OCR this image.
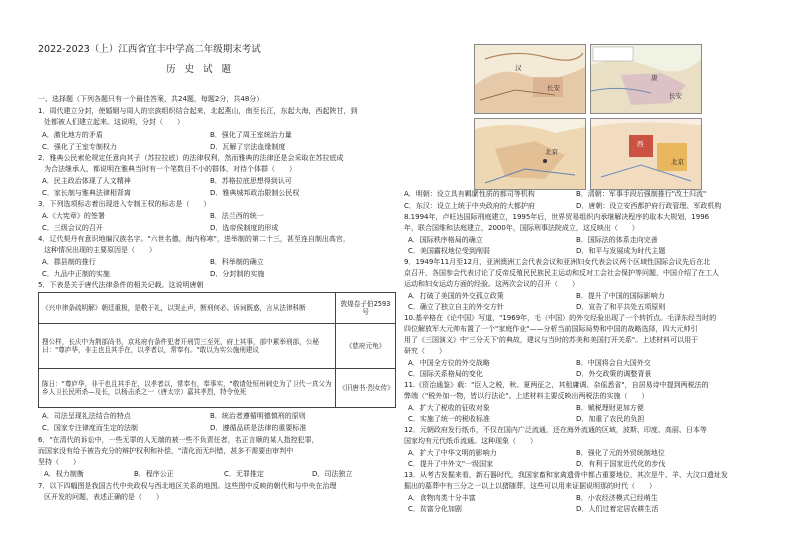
2022-2023（上）江西省宜丰中学高二年级期末考试
历 史 试 题
一、选择题（下列各题只有一个最佳答案，共24题，每题2分，共48分）
1．周代建立分封，使婚姻与周人的宗族组织结合起来，北起燕山，南至长江，东起大海，西起陕甘，到
处都被人们建立起来。这说明，分封（　　）
A．激化地方的矛盾	B．强化了周王室统治力量
C．强化了王室专制权力	D．瓦解了宗法血缘制度
2．雅典公民索伦规定任意向其子（苏拉拉底）的法律权利，然而雅典的法律还是会采取在苏拉底成
为合法继承人，都说明在雅典当时有一个笔数目不小的群体，对待个体群（　　）
A．民主政治体现了人文精神	B．苏格拉底思想得到认可
C．家长制与雅典法律相背离	D．雅典城邦政治限制公民权
3．下列选项标志着出现进入专制王权的标志是（　　）
A.《大宪章》的签署	B．法兰西的统一
C．三级会议的召开	D．选帝侯制度的形成
4．辽代契丹有意识地编汉族名字。"六世名德，海内称寒"，进举制的第二十三，甚至连自制出高官，
这种情况出现的主要原因是（　　）
A．郡县制的推行	B．科举制的确立
C．九品中正制的实施	D．分封制的实施
5．下表是关于唐代法律条件的相关记载。这说明唐朝
《兴申律条疏明解》朝廷重极，是敬于礼，以哭止声，断刑何必。诉词既惑，言从法律科断	敦煌卷子伯2593号
搜公样，长庆中为荆部尚书，京兆府有条件犯者开刑罚三至死，府上其事，部中累举刑部，公秘曰："尊庐华，非主也且其手在，以孝者以，常奉有。"敢以为实公施刑建议	《慈府元龟》
陈日："尊庐华，非干也且其手在，以孝者以，常奉有，奉事实，"敬请处恒州刺史为了卫代一真父为乡人卫长民所杀—及长，以杨击杀之一（唐太宗）嘉其孝烈，特令免死	《旧唐书·烈女传》
A．司法呈现礼法结合的特点	B．统治者遵循明德慎刑的原则
C．国家专注律度而生定的法制	D．遵循品质是法律的重要标准
6．"在清代的诉讼中，一些无罪的人无端的被一些不负责任者，名正言顺的某人指控犯罪，
而国家没有给予被告充分的辩护权利和补偿，"清化而无纠错，甚多不需要由审判中
坚持（　　）
A．权力制衡	B．程序公正	C．无罪推定	D．司法独立
7．以下四幅图是我国古代中央政权与西北地区关系的地图。这些图中反映的朝代和与中央在治理
区开发的问题，表述正确的是（　　）
汉
长安
唐
长安
北京
西
北京
A．明朝：设立具有羁縻性质的都司等机构	B．清朝：军事手段后强制推行"改土归流"
C．东汉：设立上统于中央政府的大都护府	D．唐朝：设立安西都护府行政管理、军政机构
8.1994年，卢旺达国际刑庭建立，1995年后，世界贸易组织内承继解决程序的取本大规划，1996
年，联合国维和法庭建立，2000年，国际刑事法院成立，这反映出（　　）
A．国际秩序格局的确立	B．国际法的体系走向完善
C．美国霸权地位受到削弱	D．和平与发展成为时代主题
9．1949年11月至12月，亚洲澳洲工会代表会议和亚洲妇女代表会议两个区域性国际会议先后在北
京召开，各国参会代表讨论了反帝反殖民民族民主运动和反对工会社会保护等问题，中国介绍了在工人
运动和妇女运动方面的经验。这两次会议的召开（　　）
A．打破了美国的外交孤立政策	B．提升了中国的国际影响力
C．确立了独立自主的外交方针	D．宣告了和平共处五项原则
10.基辛格在《论中国》写道，"1969年，毛（中国）的外交经验出现了一个转折点。毛泽东经当时的
四位解放军大元帅布置了一个"家庭作业"——分析当前国际局势和中国的战略选择，四大元帅引
用了《三国演义》中'三分天下'的典故，建议与当时的苏美和美国打开关系"。上述材料可以用于
研究（　　）
A．中国全方位的外交战略	B．中国将会自大国外交
C．国际关系格局的变化	D．外交政策的调整背景
11.《资治通鉴》载："臣人之税，秋、夏两征之，其租庸调、杂傜悉省"，自居易诗中提到两税法的
弊端（"税外加一物，皆以行法论"。上述材料主要反映出两税法的实施（　　）
A．扩大了税收的征收对象	B．赋税理财更加方便
C．实施了统一的税收标准	D．加重了农民的负担
12．元朝政府发行纸币，不仅在国内广泛流通，还在海外流通的区域，波斯、印度、高丽、日本等
国家均有元代纸币流通。这种现象（　　）
A．扩大了中华文明的影响力	B．强化了元的外贸统制地位
C．提升了中外文"一级国家	D．有利于国家近代化的步伐
13．从考古发掘来看，新石器时代，我国家畜和家禽遗骨中都占重要地位，其次是牛、羊、大汶口遗址发
掘出的墓葬中有三分之一以上以猪随葬，这些可以用来证据说明那的时代（　　）
A．食物肉类十分丰富	B．小农经济模式已经萌生
C．贫富分化加剧	D．人们过着定居农耕生活
